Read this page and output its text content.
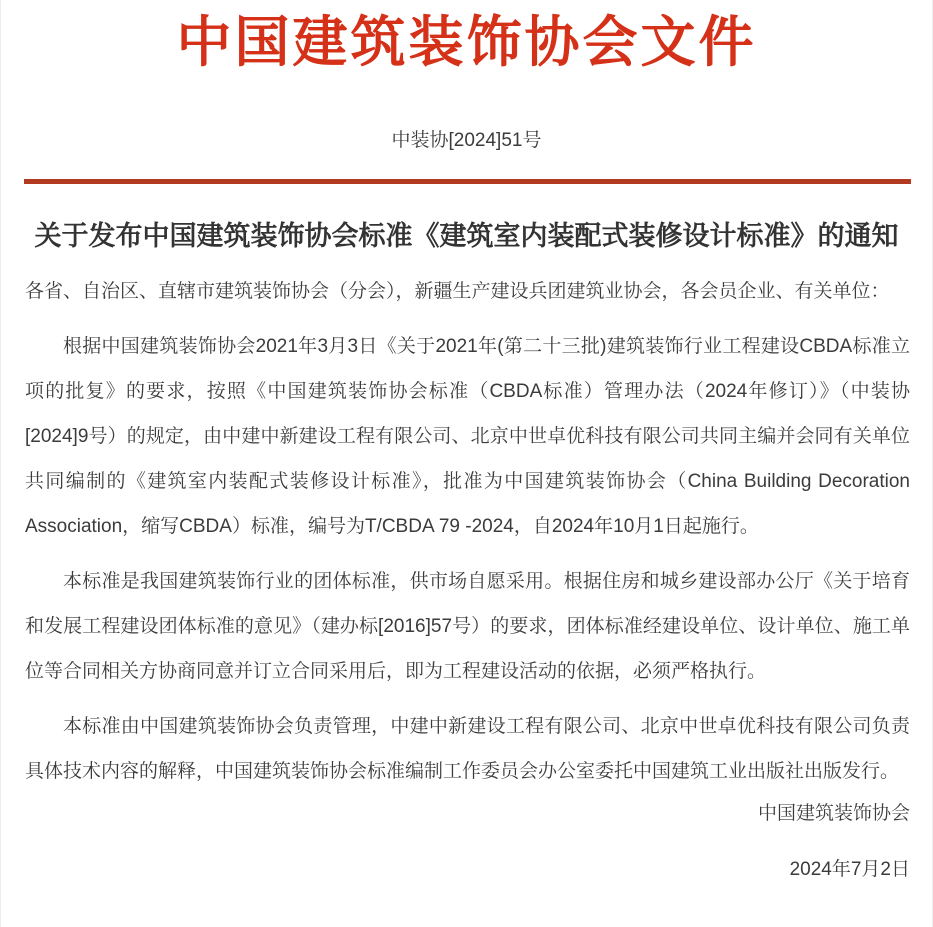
中国建筑装饰协会文件
中装协[2024]51号
关于发布中国建筑装饰协会标准《建筑室内装配式装修设计标准》的通知

各省、自治区、直辖市建筑装饰协会（分会），新疆生产建设兵团建筑业协会，各会员企业、有关单位：

根据中国建筑装饰协会2021年3月3日《关于2021年(第二十三批)建筑装饰行业工程建设CBDA标准立项的批复》的要求，按照《中国建筑装饰协会标准（CBDA标准）管理办法（2024年修订）》（中装协[2024]9号）的规定，由中建中新建设工程有限公司、北京中世卓优科技有限公司共同主编并会同有关单位共同编制的《建筑室内装配式装修设计标准》，批准为中国建筑装饰协会（China Building Decoration Association，缩写CBDA）标准，编号为T/CBDA 79 -2024，自2024年10月1日起施行。

本标准是我国建筑装饰行业的团体标准，供市场自愿采用。根据住房和城乡建设部办公厅《关于培育和发展工程建设团体标准的意见》（建办标[2016]57号）的要求，团体标准经建设单位、设计单位、施工单位等合同相关方协商同意并订立合同采用后，即为工程建设活动的依据，必须严格执行。

本标准由中国建筑装饰协会负责管理，中建中新建设工程有限公司、北京中世卓优科技有限公司负责具体技术内容的解释，中国建筑装饰协会标准编制工作委员会办公室委托中国建筑工业出版社出版发行。

中国建筑装饰协会
2024年7月2日
